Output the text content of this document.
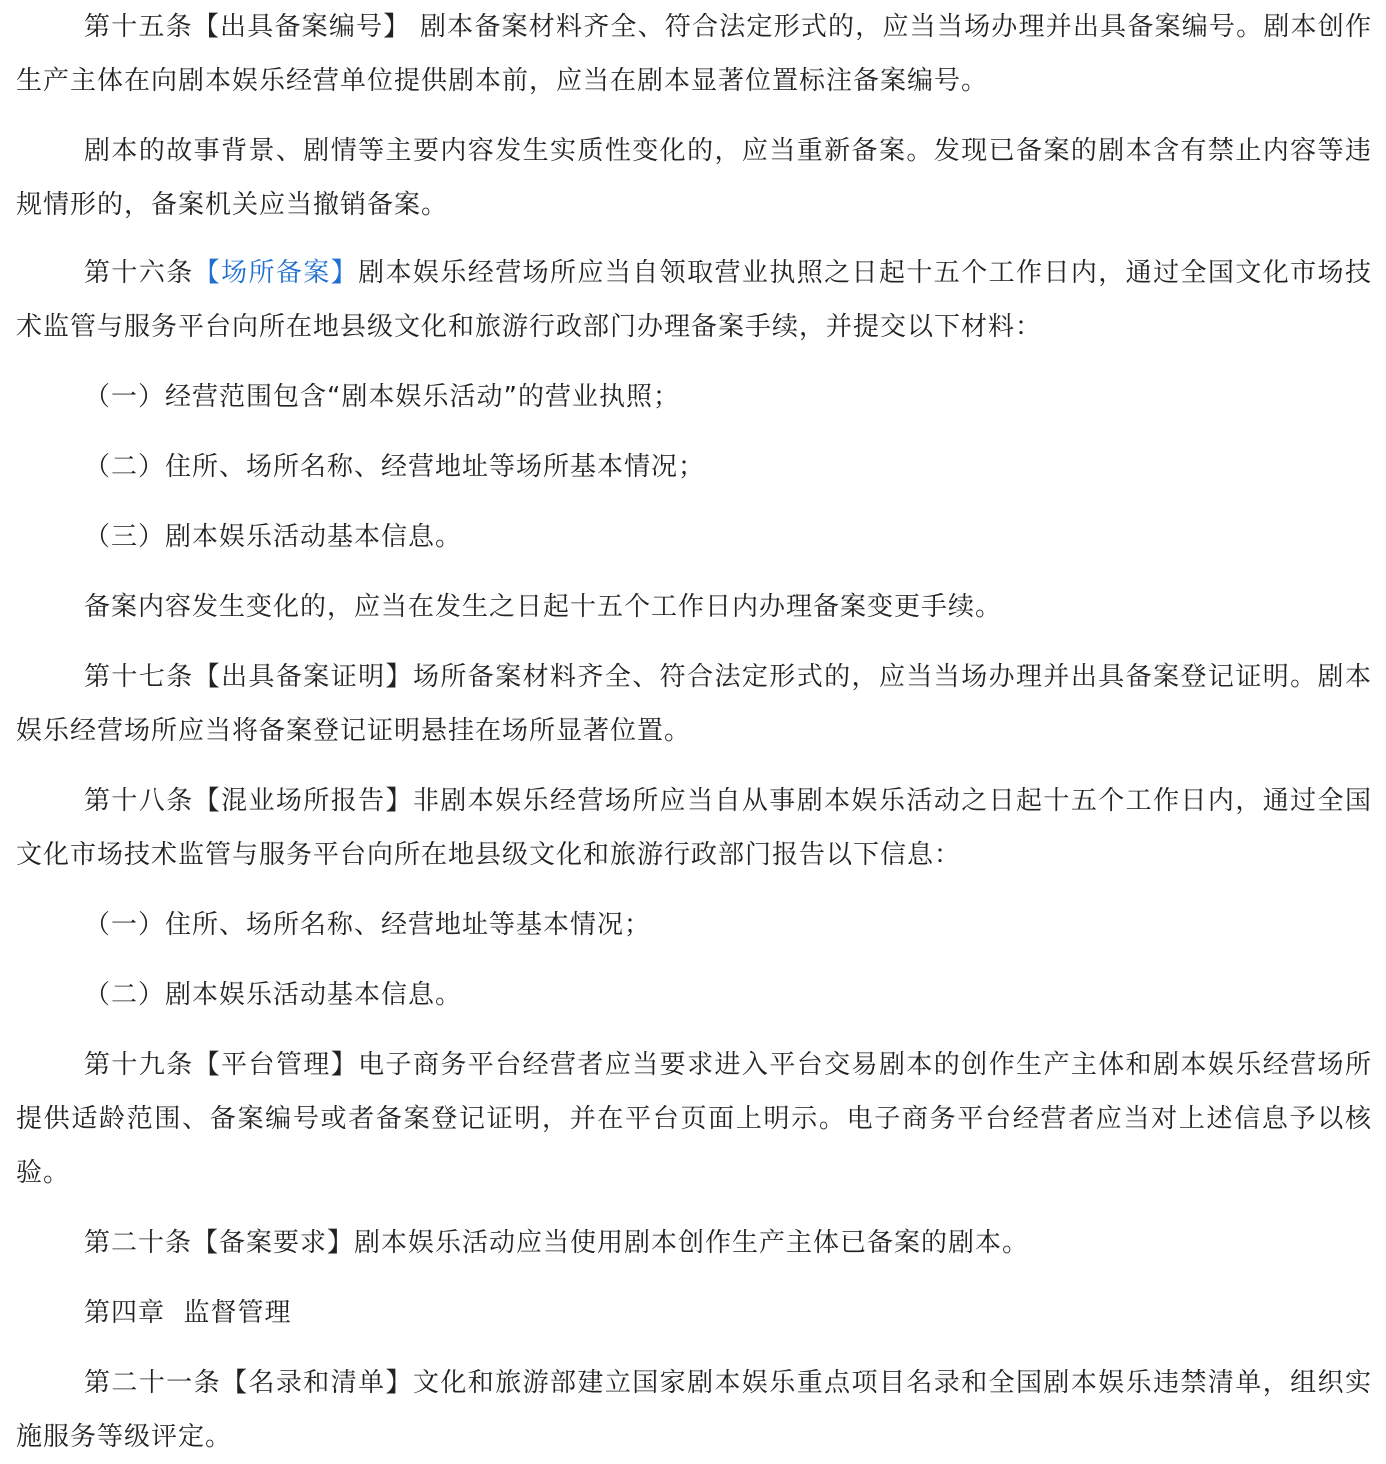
第十五条【出具备案编号】 剧本备案材料齐全、符合法定形式的，应当当场办理并出具备案编号。剧本创作生产主体在向剧本娱乐经营单位提供剧本前，应当在剧本显著位置标注备案编号。

剧本的故事背景、剧情等主要内容发生实质性变化的，应当重新备案。发现已备案的剧本含有禁止内容等违规情形的，备案机关应当撤销备案。

第十六条【场所备案】剧本娱乐经营场所应当自领取营业执照之日起十五个工作日内，通过全国文化市场技术监管与服务平台向所在地县级文化和旅游行政部门办理备案手续，并提交以下材料：

（一）经营范围包含“剧本娱乐活动”的营业执照；

（二）住所、场所名称、经营地址等场所基本情况；

（三）剧本娱乐活动基本信息。

备案内容发生变化的，应当在发生之日起十五个工作日内办理备案变更手续。

第十七条【出具备案证明】场所备案材料齐全、符合法定形式的，应当当场办理并出具备案登记证明。剧本娱乐经营场所应当将备案登记证明悬挂在场所显著位置。

第十八条【混业场所报告】非剧本娱乐经营场所应当自从事剧本娱乐活动之日起十五个工作日内，通过全国文化市场技术监管与服务平台向所在地县级文化和旅游行政部门报告以下信息：

（一）住所、场所名称、经营地址等基本情况；

（二）剧本娱乐活动基本信息。

第十九条【平台管理】电子商务平台经营者应当要求进入平台交易剧本的创作生产主体和剧本娱乐经营场所提供适龄范围、备案编号或者备案登记证明，并在平台页面上明示。电子商务平台经营者应当对上述信息予以核验。

第二十条【备案要求】剧本娱乐活动应当使用剧本创作生产主体已备案的剧本。

第四章  监督管理

第二十一条【名录和清单】文化和旅游部建立国家剧本娱乐重点项目名录和全国剧本娱乐违禁清单，组织实施服务等级评定。
